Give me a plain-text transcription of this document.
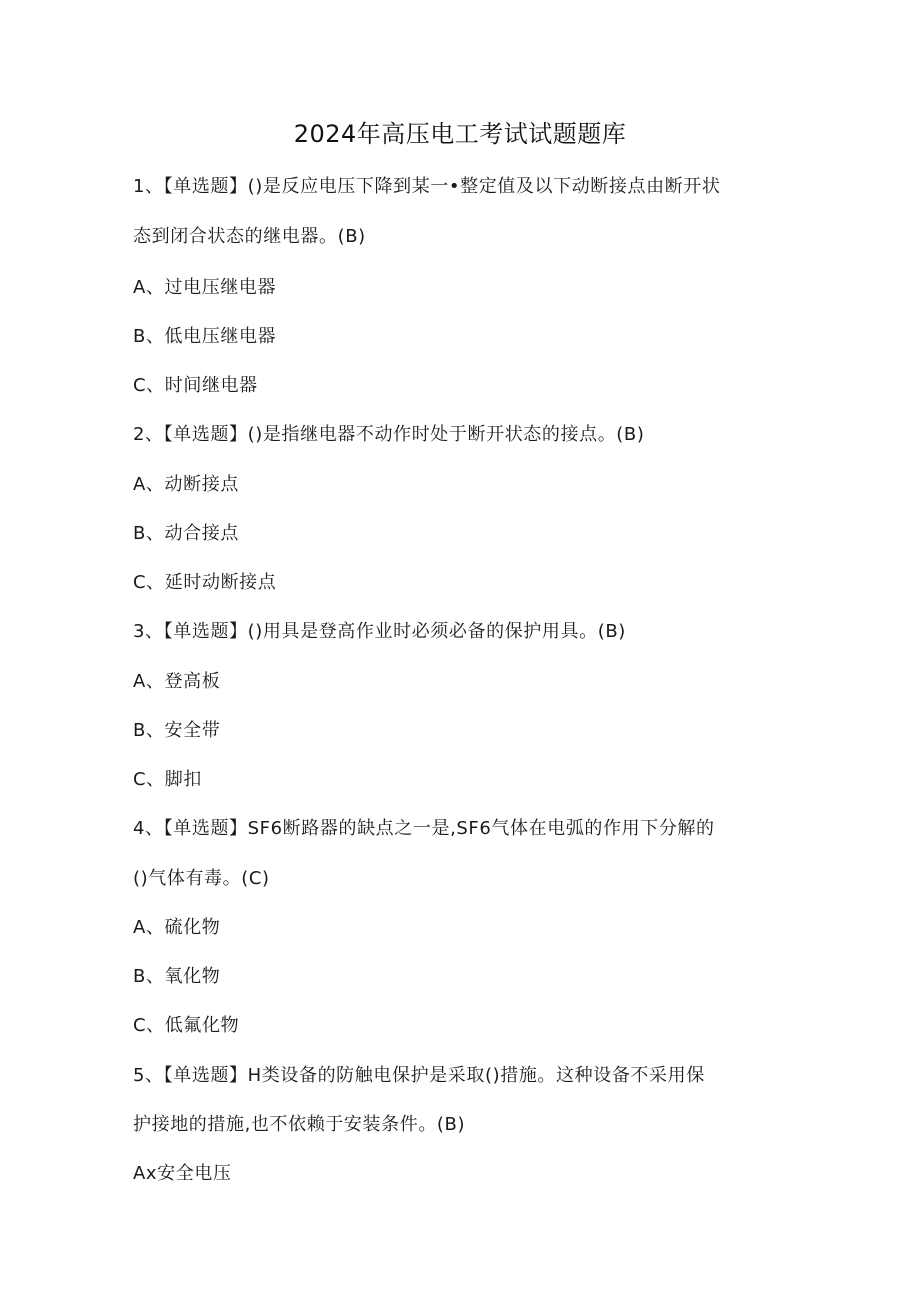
2024年高压电工考试试题题库
1、【单选题】()是反应电压下降到某一•整定值及以下动断接点由断开状
态到闭合状态的继电器。(B)
A、过电压继电器
B、低电压继电器
C、时间继电器
2、【单选题】()是指继电器不动作时处于断开状态的接点。(B)
A、动断接点
B、动合接点
C、延时动断接点
3、【单选题】()用具是登高作业时必须必备的保护用具。(B)
A、登高板
B、安全带
C、脚扣
4、【单选题】SF6断路器的缺点之一是,SF6气体在电弧的作用下分解的
()气体有毒。(C)
A、硫化物
B、氧化物
C、低氟化物
5、【单选题】H类设备的防触电保护是采取()措施。这种设备不采用保
护接地的措施,也不依赖于安装条件。(B)
Ax安全电压
